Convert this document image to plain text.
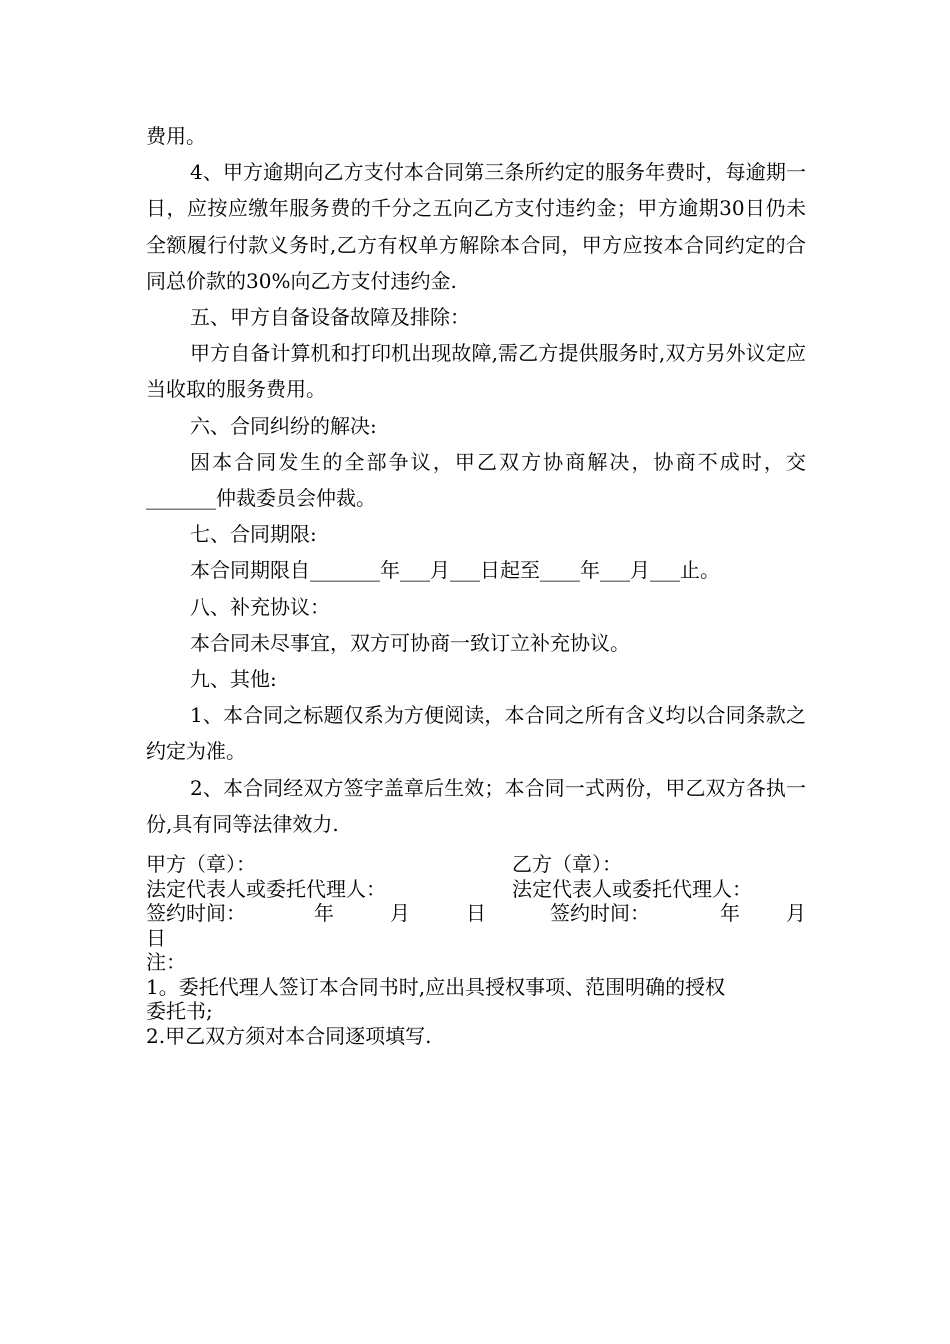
费用。

4、甲方逾期向乙方支付本合同第三条所约定的服务年费时，每逾期一日，应按应缴年服务费的千分之五向乙方支付违约金；甲方逾期30日仍未全额履行付款义务时,乙方有权单方解除本合同，甲方应按本合同约定的合同总价款的30%向乙方支付违约金.

五、甲方自备设备故障及排除：

甲方自备计算机和打印机出现故障,需乙方提供服务时,双方另外议定应当收取的服务费用。

六、合同纠纷的解决:

因本合同发生的全部争议，甲乙双方协商解决，协商不成时，交_______仲裁委员会仲裁。

七、合同期限:

本合同期限自_______年___月___日起至____年___月___止。

八、补充协议：

本合同未尽事宜，双方可协商一致订立补充协议。

九、其他:

1、本合同之标题仅系为方便阅读，本合同之所有含义均以合同条款之约定为准。

2、本合同经双方签字盖章后生效；本合同一式两份，甲乙双方各执一份,具有同等法律效力.

甲方（章）：	乙方（章）：
法定代表人或委托代理人：	法定代表人或委托代理人：
签约时间：	年	月	日	签约时间：	年 月
日
注：
1。委托代理人签订本合同书时,应出具授权事项、范围明确的授权
委托书;
2.甲乙双方须对本合同逐项填写.
